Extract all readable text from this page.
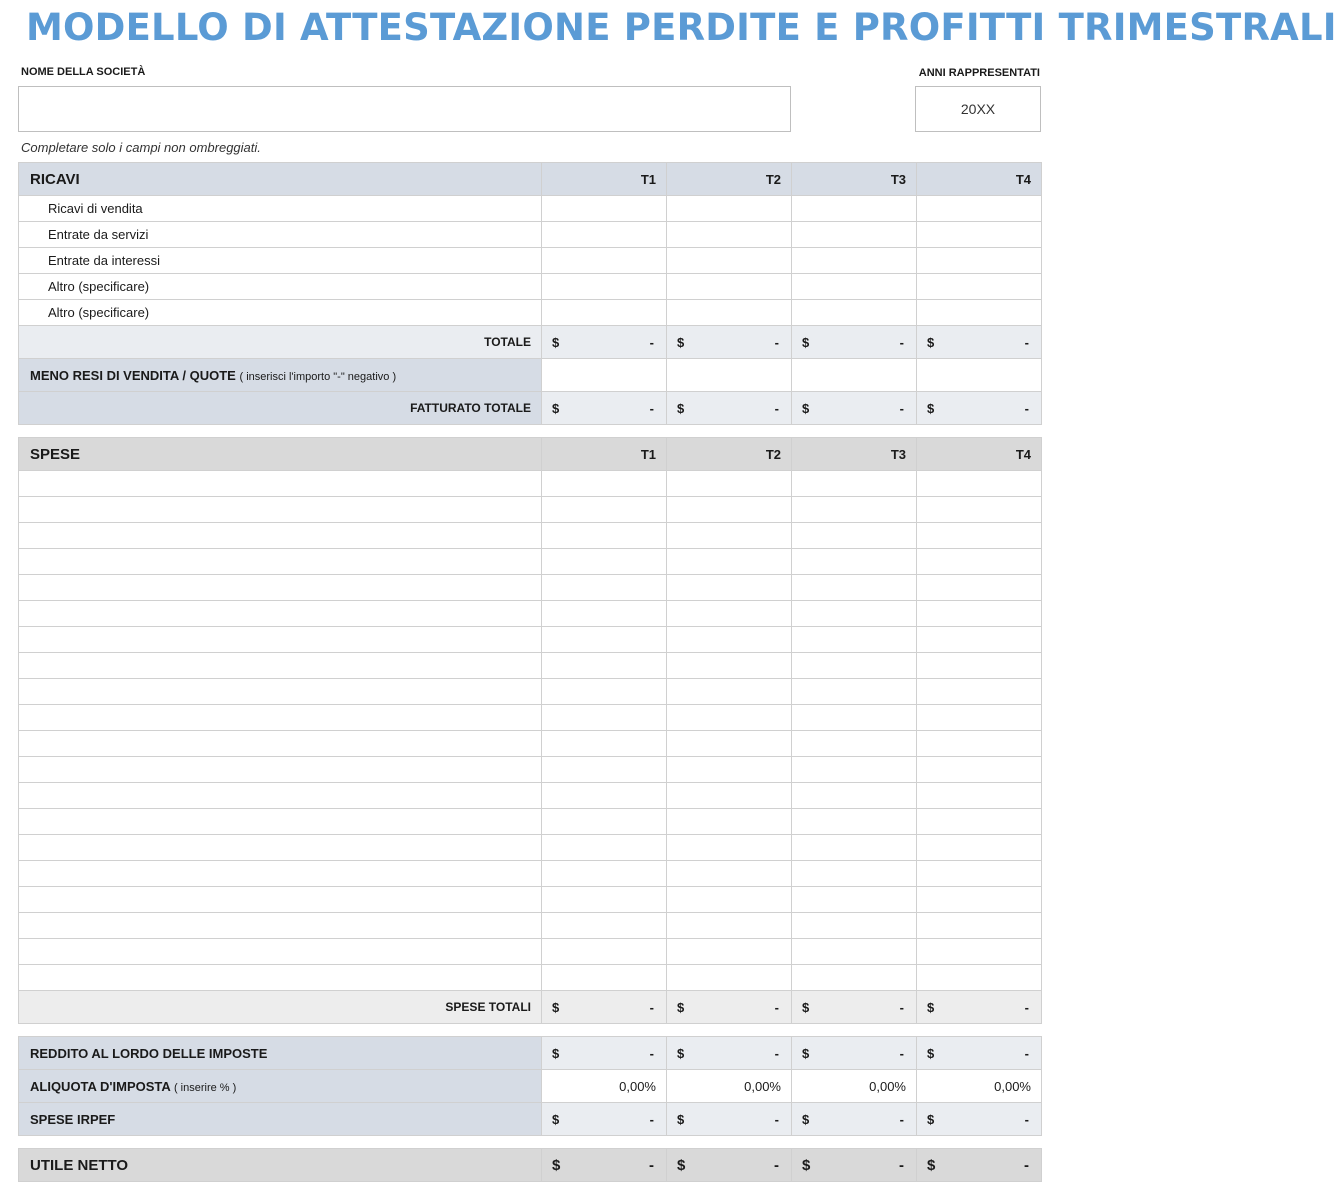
MODELLO DI ATTESTAZIONE PERDITE E PROFITTI TRIMESTRALI
NOME DELLA SOCIETÀ	ANNI RAPPRESENTATI
20XX
Completare solo i campi non ombreggiati.
RICAVI	T1	T2	T3	T4
Ricavi di vendita				
Entrate da servizi				
Entrate da interessi				
Altro (specificare)				
Altro (specificare)				
TOTALE	$ -	$ -	$ -	$ -

MENO RESI DI VENDITA / QUOTE ( inserisci l'importo "-" negativo )				
FATTURATO TOTALE	$ -	$ -	$ -	$ -
SPESE	T1	T2	T3	T4

SPESE TOTALI	$ -	$ -	$ -	$ -
REDDITO AL LORDO DELLE IMPOSTE	$ -	$ -	$ -	$ -

ALIQUOTA D'IMPOSTA ( inserire % )	0,00%	0,00%	0,00%	0,00%
SPESE IRPEF	$ -	$ -	$ -	$ -
UTILE NETTO	$	-	$	-	$	-	$	-
